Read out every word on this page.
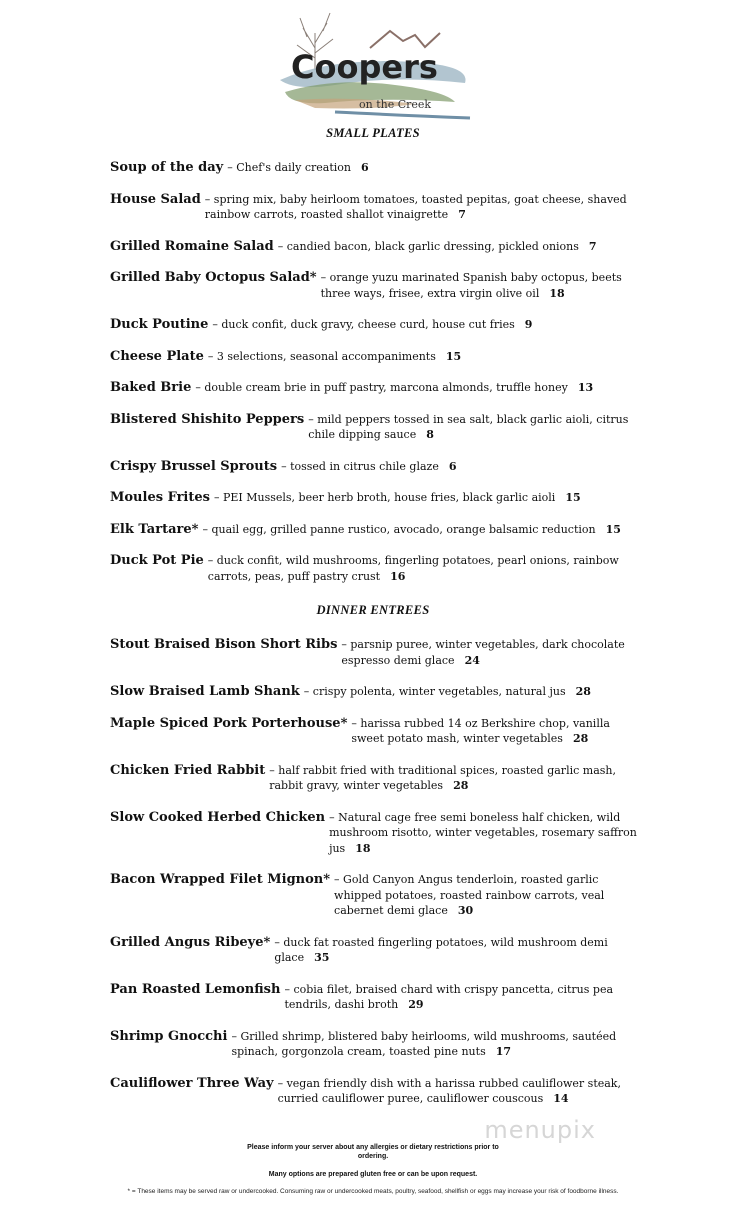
Coopers
on the Creek
SMALL PLATES
Soup of the day – Chef's daily creation 6
House Salad – spring mix, baby heirloom tomatoes, toasted pepitas, goat cheese, shaved rainbow carrots, roasted shallot vinaigrette 7
Grilled Romaine Salad – candied bacon, black garlic dressing, pickled onions 7
Grilled Baby Octopus Salad* – orange yuzu marinated Spanish baby octopus, beets three ways, frisee, extra virgin olive oil 18
Duck Poutine – duck confit, duck gravy, cheese curd, house cut fries 9
Cheese Plate – 3 selections, seasonal accompaniments 15
Baked Brie – double cream brie in puff pastry, marcona almonds, truffle honey 13
Blistered Shishito Peppers – mild peppers tossed in sea salt, black garlic aioli, citrus chile dipping sauce 8
Crispy Brussel Sprouts – tossed in citrus chile glaze 6
Moules Frites – PEI Mussels, beer herb broth, house fries, black garlic aioli 15
Elk Tartare* – quail egg, grilled panne rustico, avocado, orange balsamic reduction 15
Duck Pot Pie – duck confit, wild mushrooms, fingerling potatoes, pearl onions, rainbow carrots, peas, puff pastry crust 16
DINNER ENTREES
Stout Braised Bison Short Ribs – parsnip puree, winter vegetables, dark chocolate espresso demi glace 24
Slow Braised Lamb Shank – crispy polenta, winter vegetables, natural jus 28
Maple Spiced Pork Porterhouse* – harissa rubbed 14 oz Berkshire chop, vanilla sweet potato mash, winter vegetables 28
Chicken Fried Rabbit – half rabbit fried with traditional spices, roasted garlic mash, rabbit gravy, winter vegetables 28
Slow Cooked Herbed Chicken – Natural cage free semi boneless half chicken, wild mushroom risotto, winter vegetables, rosemary saffron jus 18
Bacon Wrapped Filet Mignon* – Gold Canyon Angus tenderloin, roasted garlic whipped potatoes, roasted rainbow carrots, veal cabernet demi glace 30
Grilled Angus Ribeye* – duck fat roasted fingerling potatoes, wild mushroom demi glace 35
Pan Roasted Lemonfish – cobia filet, braised chard with crispy pancetta, citrus pea tendrils, dashi broth 29
Shrimp Gnocchi – Grilled shrimp, blistered baby heirlooms, wild mushrooms, sautéed spinach, gorgonzola cream, toasted pine nuts 17
Cauliflower Three Way – vegan friendly dish with a harissa rubbed cauliflower steak, curried cauliflower puree, cauliflower couscous 14
menupix
Please inform your server about any allergies or dietary restrictions prior to ordering.
Many options are prepared gluten free or can be upon request.
* = These items may be served raw or undercooked. Consuming raw or undercooked meats, poultry, seafood, shellfish or eggs may increase your risk of foodborne illness.
